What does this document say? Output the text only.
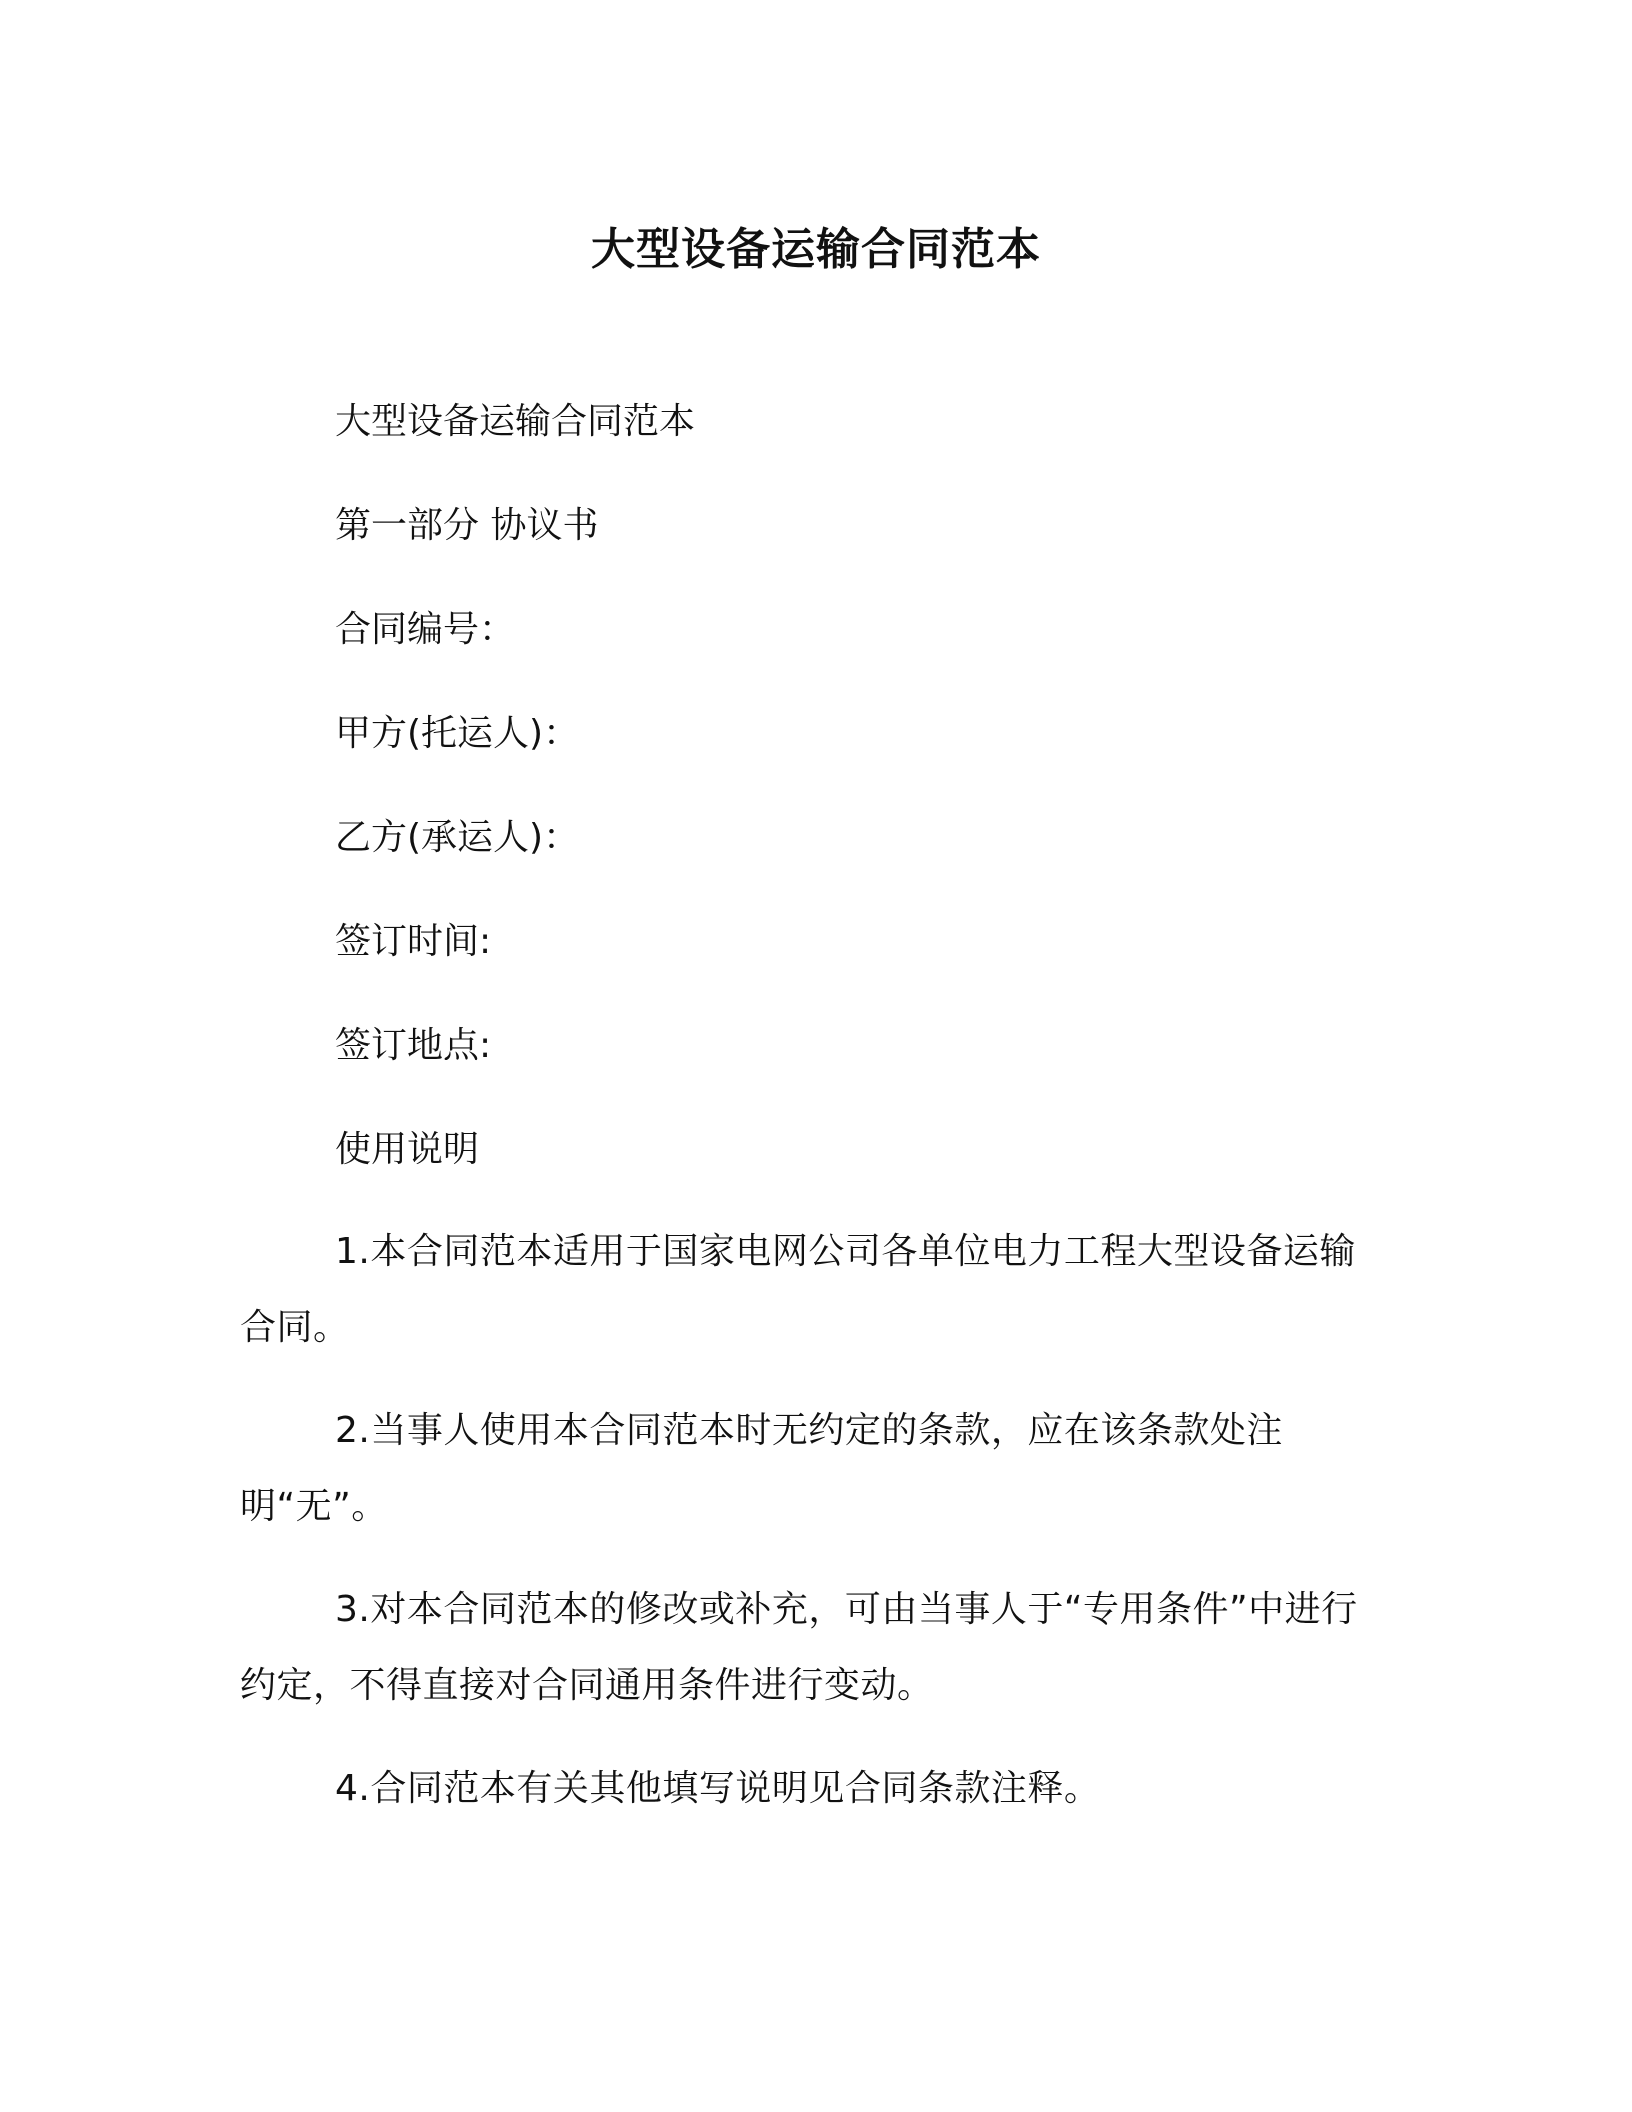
大型设备运输合同范本
大型设备运输合同范本
第一部分 协议书
合同编号：
甲方(托运人)：
乙方(承运人)：
签订时间:
签订地点:
使用说明
1.本合同范本适用于国家电网公司各单位电力工程大型设备运输合同。
2.当事人使用本合同范本时无约定的条款，应在该条款处注明“无”。
3.对本合同范本的修改或补充，可由当事人于“专用条件”中进行约定，不得直接对合同通用条件进行变动。
4.合同范本有关其他填写说明见合同条款注释。
